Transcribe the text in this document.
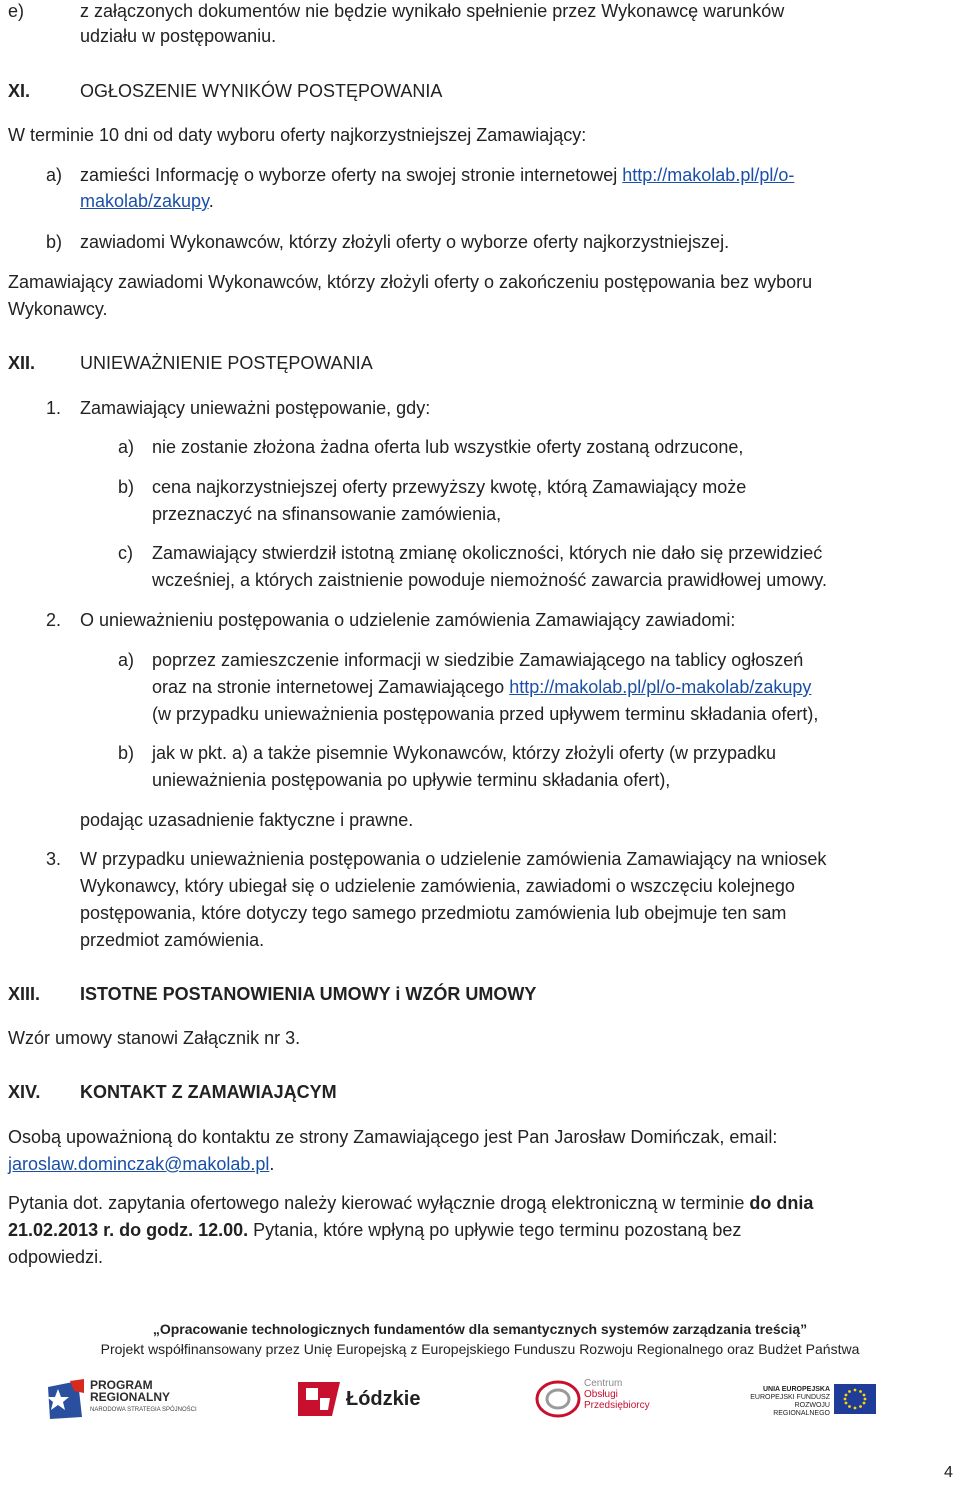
e)	z załączonych dokumentów nie będzie wynikało spełnienie przez Wykonawcę warunków
udziału w postępowaniu.
XI.	OGŁOSZENIE WYNIKÓW POSTĘPOWANIA
W terminie 10 dni od daty wyboru oferty najkorzystniejszej Zamawiający:
a) zamieści Informację o wyborze oferty na swojej stronie internetowej http://makolab.pl/pl/o-
makolab/zakupy.
b) zawiadomi Wykonawców, którzy złożyli oferty o wyborze oferty najkorzystniejszej.
Zamawiający zawiadomi Wykonawców, którzy złożyli oferty o zakończeniu postępowania bez wyboru
Wykonawcy.
XII. UNIEWAŻNIENIE POSTĘPOWANIA
1. Zamawiający unieważni postępowanie, gdy:
a) nie zostanie złożona żadna oferta lub wszystkie oferty zostaną odrzucone,
b) cena najkorzystniejszej oferty przewyższy kwotę, którą Zamawiający może
przeznaczyć na sfinansowanie zamówienia,
c) Zamawiający stwierdził istotną zmianę okoliczności, których nie dało się przewidzieć
wcześniej, a których zaistnienie powoduje niemożność zawarcia prawidłowej umowy.
2. O unieważnieniu postępowania o udzielenie zamówienia Zamawiający zawiadomi:
a) poprzez zamieszczenie informacji w siedzibie Zamawiającego na tablicy ogłoszeń
oraz na stronie internetowej Zamawiającego http://makolab.pl/pl/o-makolab/zakupy
(w przypadku unieważnienia postępowania przed upływem terminu składania ofert),
b) jak w pkt. a) a także pisemnie Wykonawców, którzy złożyli oferty (w przypadku
unieważnienia postępowania po upływie terminu składania ofert),
podając uzasadnienie faktyczne i prawne.
3. W przypadku unieważnienia postępowania o udzielenie zamówienia Zamawiający na wniosek
Wykonawcy, który ubiegał się o udzielenie zamówienia, zawiadomi o wszczęciu kolejnego
postępowania, które dotyczy tego samego przedmiotu zamówienia lub obejmuje ten sam
przedmiot zamówienia.
XIII. ISTOTNE POSTANOWIENIA UMOWY i WZÓR UMOWY
Wzór umowy stanowi Załącznik nr 3.
XIV. KONTAKT Z ZAMAWIAJĄCYM
Osobą upoważnioną do kontaktu ze strony Zamawiającego jest Pan Jarosław Domińczak, email:
jaroslaw.dominczak@makolab.pl.
Pytania dot. zapytania ofertowego należy kierować wyłącznie drogą elektroniczną w terminie do dnia
21.02.2013 r. do godz. 12.00. Pytania, które wpłyną po upływie tego terminu pozostaną bez
odpowiedzi.
„Opracowanie technologicznych fundamentów dla semantycznych systemów zarządzania treścią”
Projekt współfinansowany przez Unię Europejską z Europejskiego Funduszu Rozwoju Regionalnego oraz Budżet Państwa
PROGRAM
REGIONALNY
NARODOWA STRATEGIA SPÓJNOŚCI	Łódzkie
Centrum
Obsługi
Przedsiębiorcy
UNIA EUROPEJSKA
EUROPEJSKI FUNDUSZ
ROZWOJU REGIONALNEGO
4
